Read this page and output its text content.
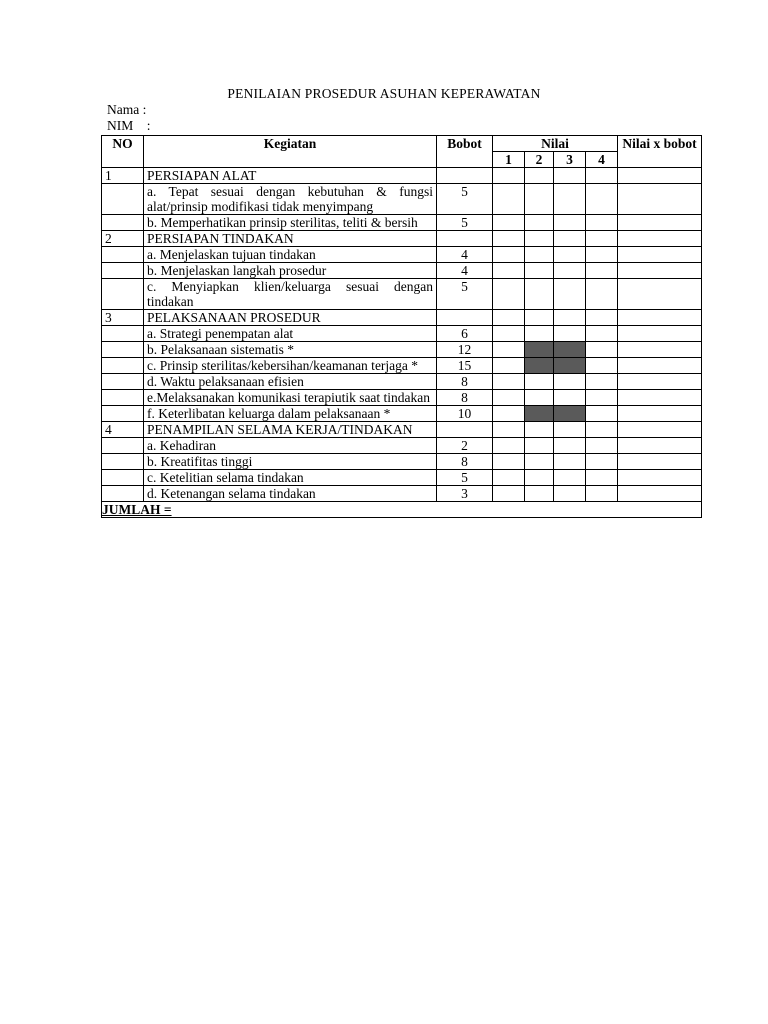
PENILAIAN PROSEDUR ASUHAN KEPERAWATAN
Nama :
NIM    :
NO	Kegiatan	Bobot	Nilai				Nilai x bobot
			1	2	3	4	
1	PERSIAPAN ALAT						
	a. Tepat sesuai dengan kebutuhan & fungsi alat/prinsip modifikasi tidak menyimpang	5					
	b. Memperhatikan prinsip sterilitas, teliti & bersih	5					
2	PERSIAPAN TINDAKAN						
	a. Menjelaskan tujuan tindakan	4					
	b. Menjelaskan langkah prosedur	4					
	c. Menyiapkan klien/keluarga sesuai dengan tindakan	5					
3	PELAKSANAAN PROSEDUR						
	a. Strategi penempatan alat	6					
	b. Pelaksanaan sistematis *	12					
	c. Prinsip sterilitas/kebersihan/keamanan terjaga *	15					
	d. Waktu pelaksanaan efisien	8					
	e.Melaksanakan komunikasi terapiutik saat tindakan	8					
	f. Keterlibatan keluarga dalam pelaksanaan *	10					
4	PENAMPILAN SELAMA KERJA/TINDAKAN						
	a. Kehadiran	2					
	b. Kreatifitas tinggi	8					
	c. Ketelitian selama tindakan	5					
	d. Ketenangan selama tindakan	3					
JUMLAH =							
